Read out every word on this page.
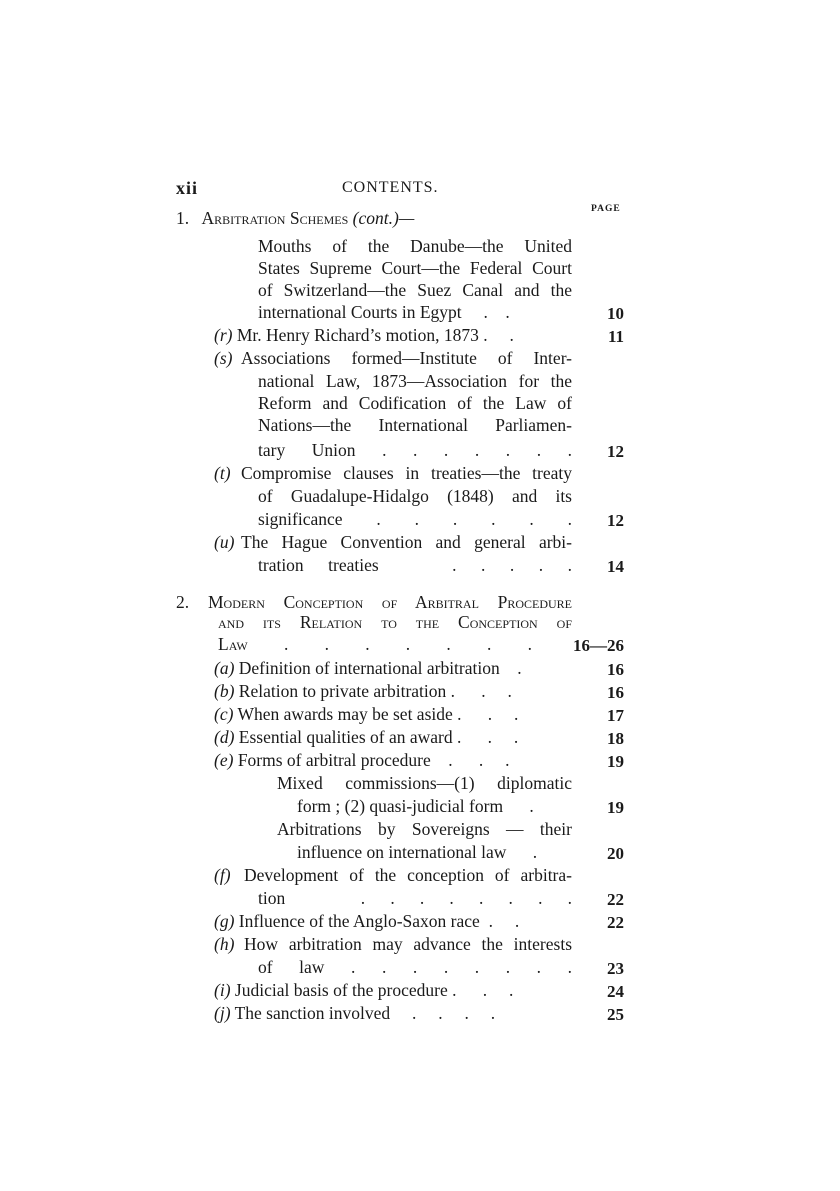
xii	CONTENTS.
PAGE
1. Arbitration Schemes (cont.)—
Mouths of the Danube—the United
States Supreme Court—the Federal Court
of Switzerland—the Suez Canal and the
international Courts in Egypt     .    .	10
(r) Mr. Henry Richard’s motion, 1873 .     .	11
(s) Associations formed—Institute of Inter-
national Law, 1873—Association for the
Reform and Codification of the Law of
Nations—the International Parliamen-
tary Union . . . . . . .	12
(t) Compromise clauses in treaties—the treaty
of Guadalupe-Hidalgo (1848) and its
significance . . . . . .	12
(u) The Hague Convention and general arbi-
tration treaties   . . . . .	14
2. Modern Conception of Arbitral Procedure
and its Relation to the Conception of
Law . . . . . . .	16—26
(a) Definition of international arbitration    .	16
(b) Relation to private arbitration .      .     .	16
(c) When awards may be set aside .      .     .	17
(d) Essential qualities of an award .      .     .	18
(e) Forms of arbitral procedure    .      .     .	19
Mixed commissions—(1) diplomatic
form ; (2) quasi-judicial form      .	19
Arbitrations by Sovereigns — their
influence on international law      .	20
(f) Development of the conception of arbitra-
tion   . . . . . . . .	22
(g) Influence of the Anglo-Saxon race  .     .	22
(h) How arbitration may advance the interests
of law . . . . . . . .	23
(i) Judicial basis of the procedure .      .     .	24
(j) The sanction involved     .     .     .     .	25
